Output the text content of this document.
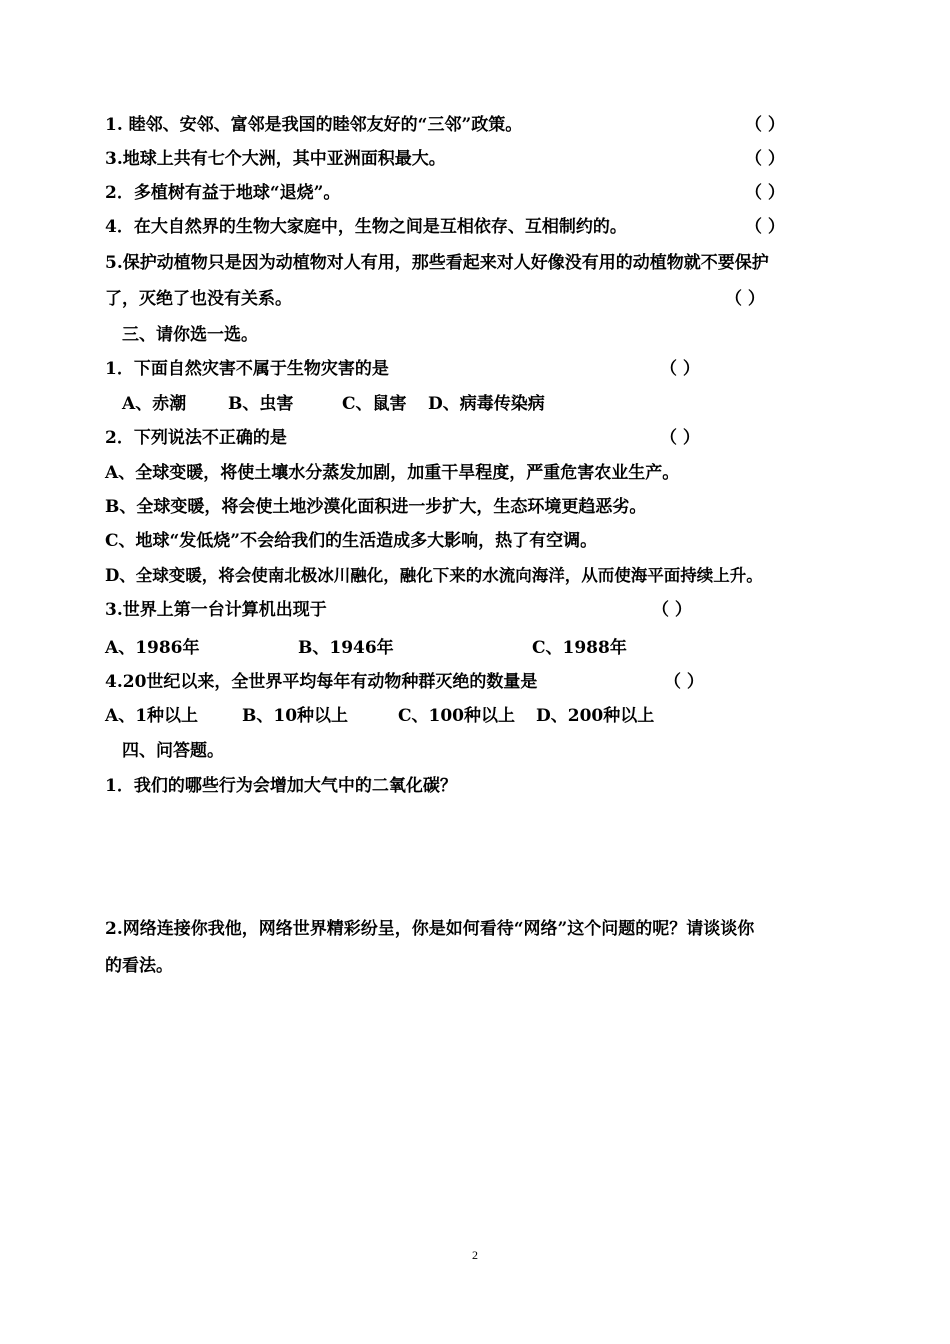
1. 睦邻、安邻、富邻是我国的睦邻友好的“三邻”政策。	（ ）
3.地球上共有七个大洲，其中亚洲面积最大。	（ ）
2．多植树有益于地球“退烧”。	（ ）
4．在大自然界的生物大家庭中，生物之间是互相依存、互相制约的。	（ ）
5.保护动植物只是因为动植物对人有用，那些看起来对人好像没有用的动植物就不要保护
了，灭绝了也没有关系。	（ ）
三、请你选一选。
1．下面自然灾害不属于生物灾害的是	（ ）
A、赤潮 B、虫害	C、鼠害 D、病毒传染病
2．下列说法不正确的是	（ ）
A、全球变暖，将使土壤水分蒸发加剧，加重干旱程度，严重危害农业生产。
B、全球变暖，将会使土地沙漠化面积进一步扩大，生态环境更趋恶劣。
C、地球“发低烧”不会给我们的生活造成多大影响，热了有空调。
D、全球变暖，将会使南北极冰川融化，融化下来的水流向海洋，从而使海平面持续上升。
3.世界上第一台计算机出现于	（ ）
A、1986年	B、1946年	C、1988年
4.20世纪以来，全世界平均每年有动物种群灭绝的数量是	（ ）
A、1种以上	B、10种以上	C、100种以上 D、200种以上
四、问答题。
1．我们的哪些行为会增加大气中的二氧化碳？
2.网络连接你我他，网络世界精彩纷呈，你是如何看待“网络”这个问题的呢？请谈谈你
的看法。
2
